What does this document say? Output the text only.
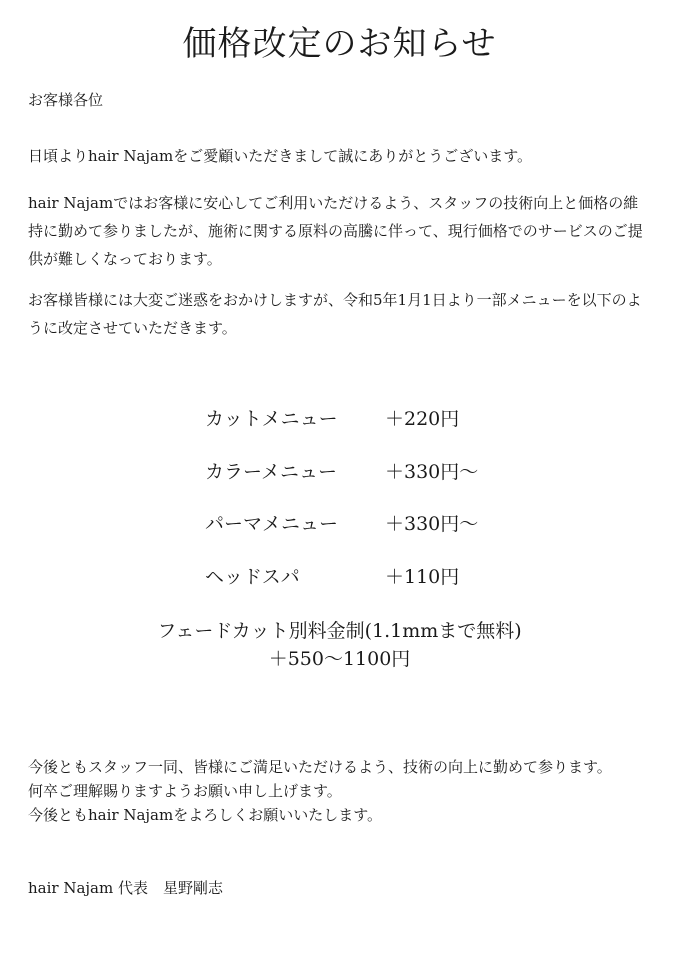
価格改定のお知らせ
お客様各位

日頃よりhair Najamをご愛顧いただきまして誠にありがとうございます。

hair Najamではお客様に安心してご利用いただけるよう、スタッフの技術向上と価格の維持に勤めて参りましたが、施術に関する原料の高騰に伴って、現行価格でのサービスのご提供が難しくなっております。

お客様皆様には大変ご迷惑をおかけしますが、令和5年1月1日より一部メニューを以下のように改定させていただきます。

カットメニュー ＋220円
カラーメニュー	＋330円〜
パーマメニュー ＋330円〜
ヘッドスパ	＋110円
フェードカット別料金制(1.1mmまで無料)
＋550〜1100円
今後ともスタッフ一同、皆様にご満足いただけるよう、技術の向上に勤めて参ります。
何卒ご理解賜りますようお願い申し上げます。
今後ともhair Najamをよろしくお願いいたします。
hair Najam 代表　星野剛志
